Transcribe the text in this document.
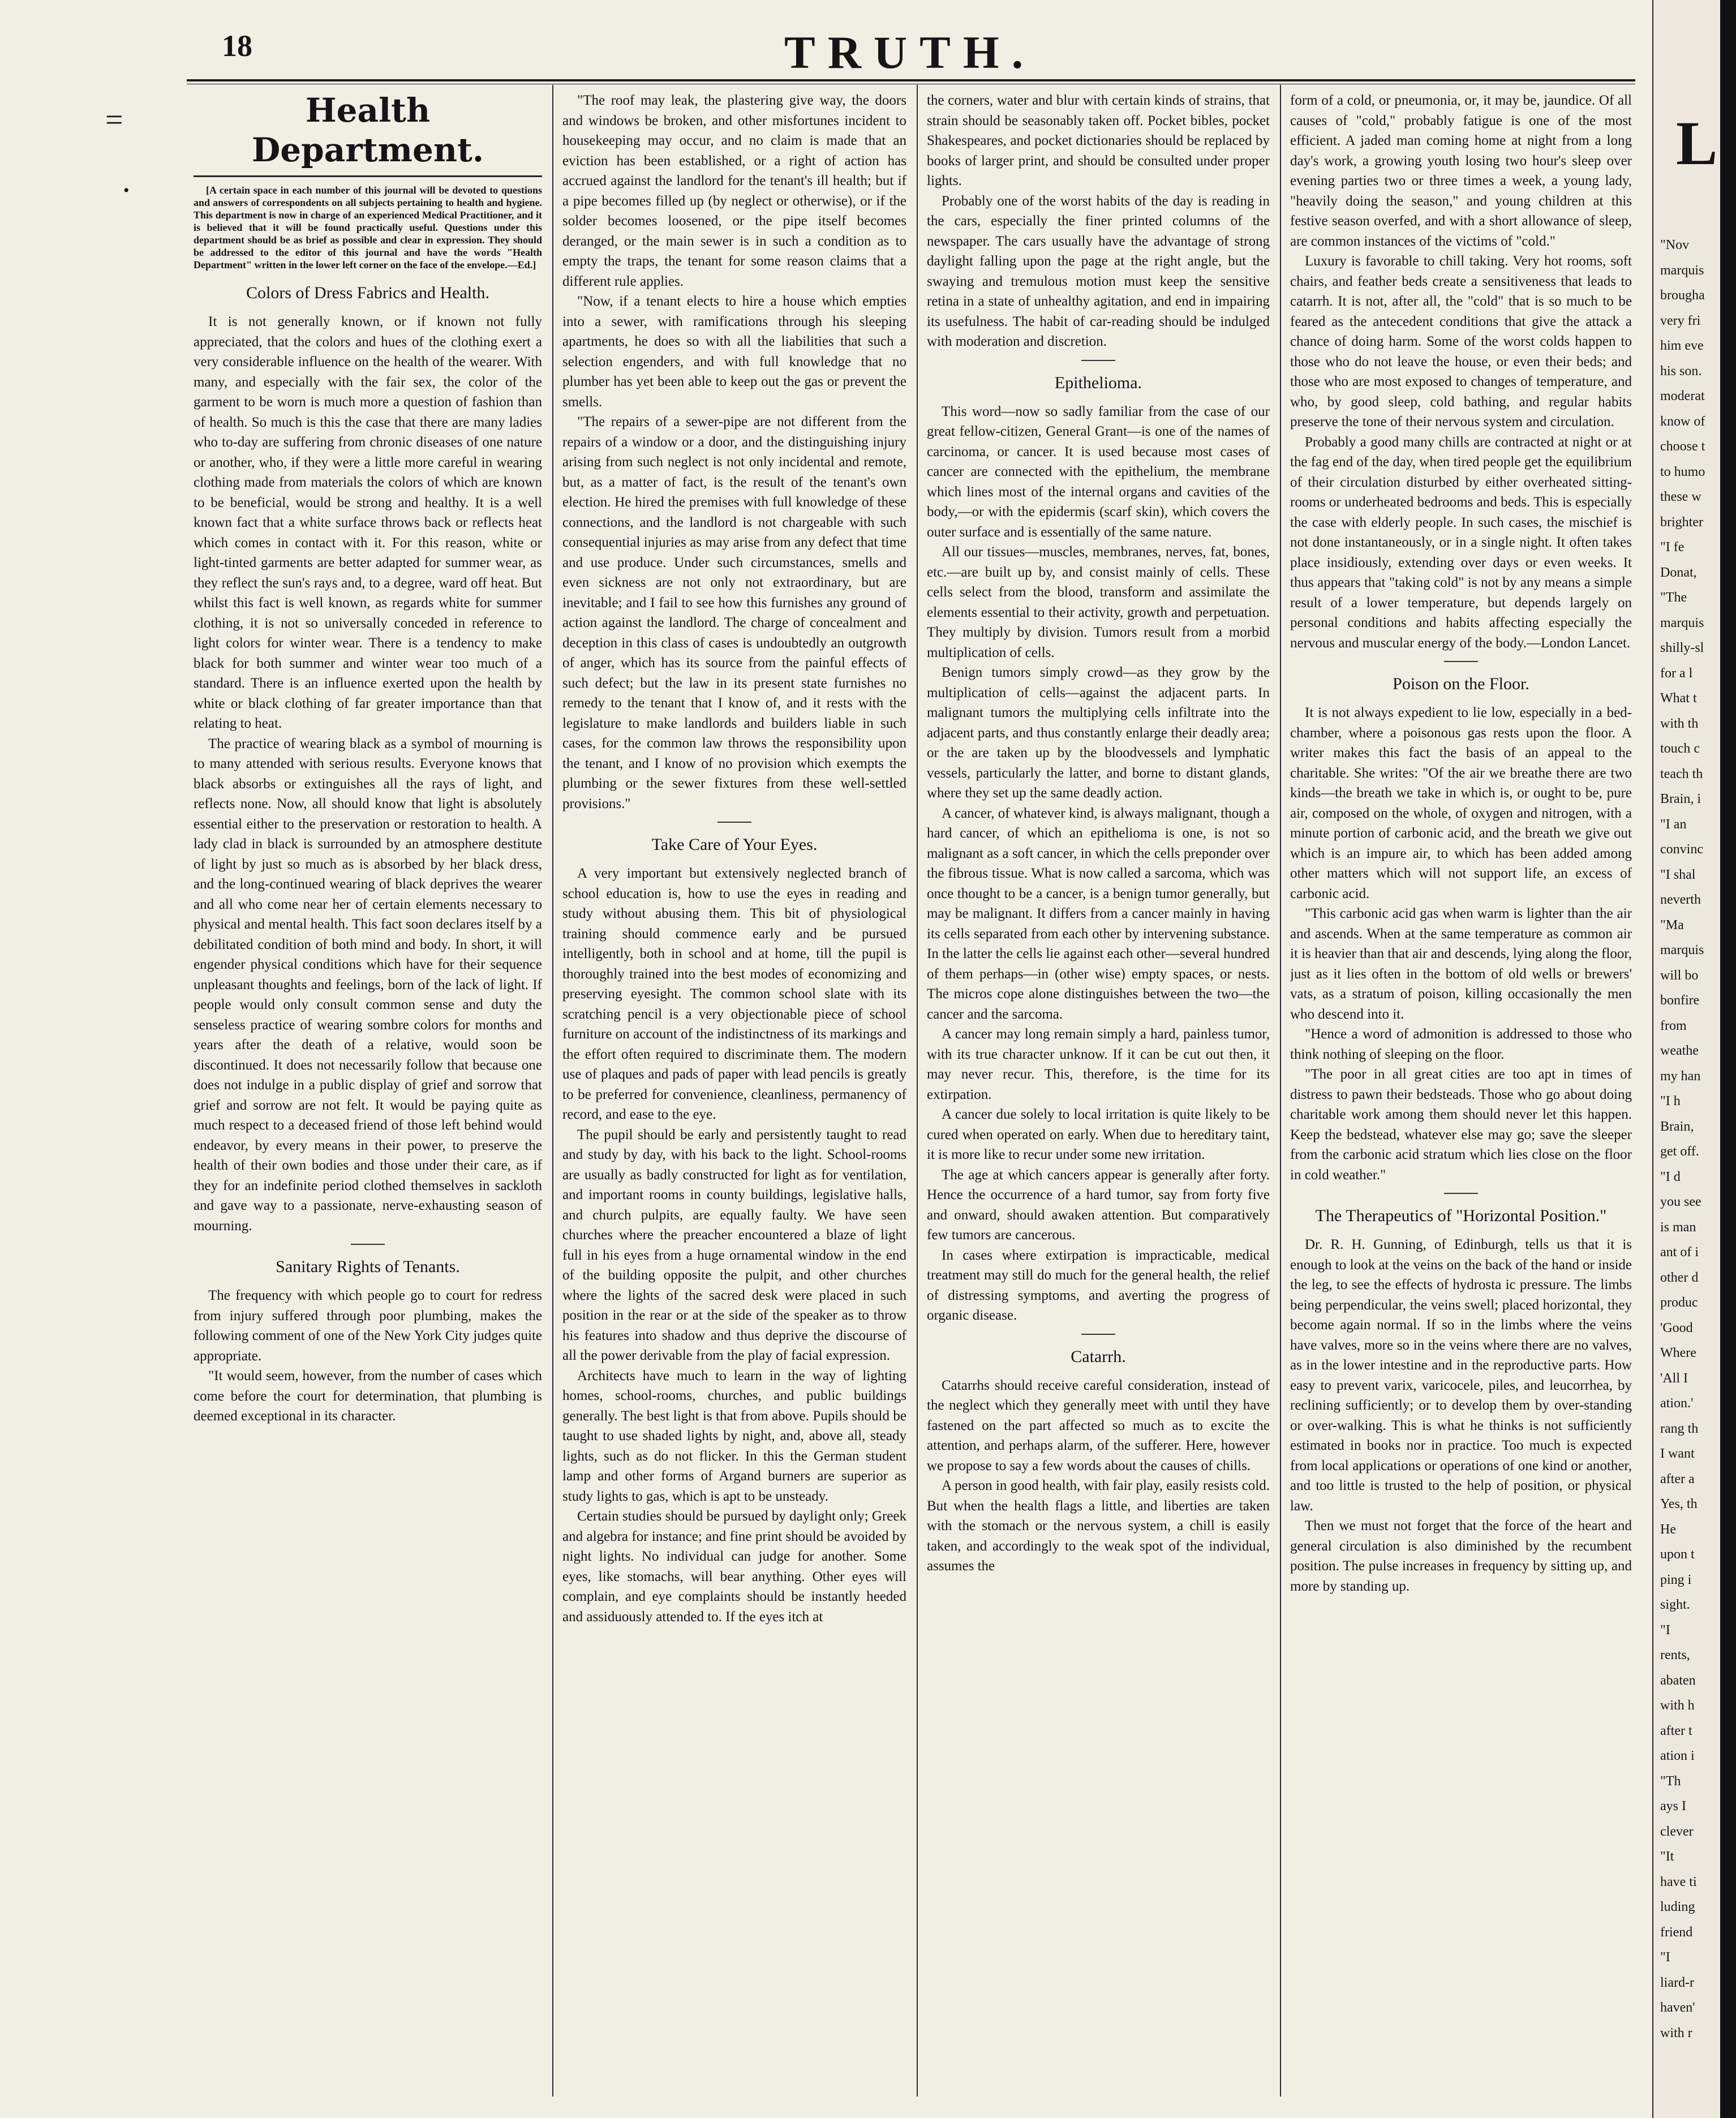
18	TRUTH.
=
•
Health Department.
[A certain space in each number of this journal will be devoted to questions and answers of correspondents on all subjects pertaining to health and hygiene. This department is now in charge of an experienced Medical Practitioner, and it is believed that it will be found practically useful. Questions under this department should be as brief as possible and clear in expression. They should be addressed to the editor of this journal and have the words "Health Department" written in the lower left corner on the face of the envelope.—Ed.]
Colors of Dress Fabrics and Health.

It is not generally known, or if known not fully appreciated, that the colors and hues of the clothing exert a very considerable influence on the health of the wearer. With many, and especially with the fair sex, the color of the garment to be worn is much more a question of fashion than of health. So much is this the case that there are many ladies who to-day are suffering from chronic diseases of one nature or another, who, if they were a little more careful in wearing clothing made from materials the colors of which are known to be beneficial, would be strong and healthy. It is a well known fact that a white surface throws back or reflects heat which comes in contact with it. For this reason, white or light-tinted garments are better adapted for summer wear, as they reflect the sun's rays and, to a degree, ward off heat. But whilst this fact is well known, as regards white for summer clothing, it is not so universally conceded in reference to light colors for winter wear. There is a tendency to make black for both summer and winter wear too much of a standard. There is an influence exerted upon the health by white or black clothing of far greater importance than that relating to heat.

The practice of wearing black as a symbol of mourning is to many attended with serious results. Everyone knows that black absorbs or extinguishes all the rays of light, and reflects none. Now, all should know that light is absolutely essential either to the preservation or restoration to health. A lady clad in black is surrounded by an atmosphere destitute of light by just so much as is absorbed by her black dress, and the long-continued wearing of black deprives the wearer and all who come near her of certain elements necessary to physical and mental health. This fact soon declares itself by a debilitated condition of both mind and body. In short, it will engender physical conditions which have for their sequence unpleasant thoughts and feelings, born of the lack of light. If people would only consult common sense and duty the senseless practice of wearing sombre colors for months and years after the death of a relative, would soon be discontinued. It does not necessarily follow that because one does not indulge in a public display of grief and sorrow that grief and sorrow are not felt. It would be paying quite as much respect to a deceased friend of those left behind would endeavor, by every means in their power, to preserve the health of their own bodies and those under their care, as if they for an indefinite period clothed themselves in sackloth and gave way to a passionate, nerve-exhausting season of mourning.

Sanitary Rights of Tenants.

The frequency with which people go to court for redress from injury suffered through poor plumbing, makes the following comment of one of the New York City judges quite appropriate.

"It would seem, however, from the number of cases which come before the court for determination, that plumbing is deemed exceptional in its character.

"The roof may leak, the plastering give way, the doors and windows be broken, and other misfortunes incident to housekeeping may occur, and no claim is made that an eviction has been established, or a right of action has accrued against the landlord for the tenant's ill health; but if a pipe becomes filled up (by neglect or otherwise), or if the solder becomes loosened, or the pipe itself becomes deranged, or the main sewer is in such a condition as to empty the traps, the tenant for some reason claims that a different rule applies.

"Now, if a tenant elects to hire a house which empties into a sewer, with ramifications through his sleeping apartments, he does so with all the liabilities that such a selection engenders, and with full knowledge that no plumber has yet been able to keep out the gas or prevent the smells.

"The repairs of a sewer-pipe are not different from the repairs of a window or a door, and the distinguishing injury arising from such neglect is not only incidental and remote, but, as a matter of fact, is the result of the tenant's own election. He hired the premises with full knowledge of these connections, and the landlord is not chargeable with such consequential injuries as may arise from any defect that time and use produce. Under such circumstances, smells and even sickness are not only not extraordinary, but are inevitable; and I fail to see how this furnishes any ground of action against the landlord. The charge of concealment and deception in this class of cases is undoubtedly an outgrowth of anger, which has its source from the painful effects of such defect; but the law in its present state furnishes no remedy to the tenant that I know of, and it rests with the legislature to make landlords and builders liable in such cases, for the common law throws the responsibility upon the tenant, and I know of no provision which exempts the plumbing or the sewer fixtures from these well-settled provisions."

Take Care of Your Eyes.

A very important but extensively neglected branch of school education is, how to use the eyes in reading and study without abusing them. This bit of physiological training should commence early and be pursued intelligently, both in school and at home, till the pupil is thoroughly trained into the best modes of economizing and preserving eyesight. The common school slate with its scratching pencil is a very objectionable piece of school furniture on account of the indistinctness of its markings and the effort often required to discriminate them. The modern use of plaques and pads of paper with lead pencils is greatly to be preferred for convenience, cleanliness, permanency of record, and ease to the eye.

The pupil should be early and persistently taught to read and study by day, with his back to the light. School-rooms are usually as badly constructed for light as for ventilation, and important rooms in county buildings, legislative halls, and church pulpits, are equally faulty. We have seen churches where the preacher encountered a blaze of light full in his eyes from a huge ornamental window in the end of the building opposite the pulpit, and other churches where the lights of the sacred desk were placed in such position in the rear or at the side of the speaker as to throw his features into shadow and thus deprive the discourse of all the power derivable from the play of facial expression.

Architects have much to learn in the way of lighting homes, school-rooms, churches, and public buildings generally. The best light is that from above. Pupils should be taught to use shaded lights by night, and, above all, steady lights, such as do not flicker. In this the German student lamp and other forms of Argand burners are superior as study lights to gas, which is apt to be unsteady.

Certain studies should be pursued by daylight only; Greek and algebra for instance; and fine print should be avoided by night lights. No individual can judge for another. Some eyes, like stomachs, will bear anything. Other eyes will complain, and eye complaints should be instantly heeded and assiduously attended to. If the eyes itch at

the corners, water and blur with certain kinds of strains, that strain should be seasonably taken off. Pocket bibles, pocket Shakespeares, and pocket dictionaries should be replaced by books of larger print, and should be consulted under proper lights.

Probably one of the worst habits of the day is reading in the cars, especially the finer printed columns of the newspaper. The cars usually have the advantage of strong daylight falling upon the page at the right angle, but the swaying and tremulous motion must keep the sensitive retina in a state of unhealthy agitation, and end in impairing its usefulness. The habit of car-reading should be indulged with moderation and discretion.

Epithelioma.

This word—now so sadly familiar from the case of our great fellow-citizen, General Grant—is one of the names of carcinoma, or cancer. It is used because most cases of cancer are connected with the epithelium, the membrane which lines most of the internal organs and cavities of the body,—or with the epidermis (scarf skin), which covers the outer surface and is essentially of the same nature.

All our tissues—muscles, membranes, nerves, fat, bones, etc.—are built up by, and consist mainly of cells. These cells select from the blood, transform and assimilate the elements essential to their activity, growth and perpetuation. They multiply by division. Tumors result from a morbid multiplication of cells.

Benign tumors simply crowd—as they grow by the multiplication of cells—against the adjacent parts. In malignant tumors the multiplying cells infiltrate into the adjacent parts, and thus constantly enlarge their deadly area; or the are taken up by the bloodvessels and lymphatic vessels, particularly the latter, and borne to distant glands, where they set up the same deadly action.

A cancer, of whatever kind, is always malignant, though a hard cancer, of which an epithelioma is one, is not so malignant as a soft cancer, in which the cells preponder over the fibrous tissue. What is now called a sarcoma, which was once thought to be a cancer, is a benign tumor generally, but may be malignant. It differs from a cancer mainly in having its cells separated from each other by intervening substance. In the latter the cells lie against each other—several hundred of them perhaps—in (other wise) empty spaces, or nests. The micros cope alone distinguishes between the two—the cancer and the sarcoma.

A cancer may long remain simply a hard, painless tumor, with its true character unknow. If it can be cut out then, it may never recur. This, therefore, is the time for its extirpation.

A cancer due solely to local irritation is quite likely to be cured when operated on early. When due to hereditary taint, it is more like to recur under some new irritation.

The age at which cancers appear is generally after forty. Hence the occurrence of a hard tumor, say from forty five and onward, should awaken attention. But comparatively few tumors are cancerous.

In cases where extirpation is impracticable, medical treatment may still do much for the general health, the relief of distressing symptoms, and averting the progress of organic disease.

Catarrh.

Catarrhs should receive careful consideration, instead of the neglect which they generally meet with until they have fastened on the part affected so much as to excite the attention, and perhaps alarm, of the sufferer. Here, however we propose to say a few words about the causes of chills.

A person in good health, with fair play, easily resists cold. But when the health flags a little, and liberties are taken with the stomach or the nervous system, a chill is easily taken, and accordingly to the weak spot of the individual, assumes the

form of a cold, or pneumonia, or, it may be, jaundice. Of all causes of "cold," probably fatigue is one of the most efficient. A jaded man coming home at night from a long day's work, a growing youth losing two hour's sleep over evening parties two or three times a week, a young lady, "heavily doing the season," and young children at this festive season overfed, and with a short allowance of sleep, are common instances of the victims of "cold."

Luxury is favorable to chill taking. Very hot rooms, soft chairs, and feather beds create a sensitiveness that leads to catarrh. It is not, after all, the "cold" that is so much to be feared as the antecedent conditions that give the attack a chance of doing harm. Some of the worst colds happen to those who do not leave the house, or even their beds; and those who are most exposed to changes of temperature, and who, by good sleep, cold bathing, and regular habits preserve the tone of their nervous system and circulation.

Probably a good many chills are contracted at night or at the fag end of the day, when tired people get the equilibrium of their circulation disturbed by either overheated sitting-rooms or underheated bedrooms and beds. This is especially the case with elderly people. In such cases, the mischief is not done instantaneously, or in a single night. It often takes place insidiously, extending over days or even weeks. It thus appears that "taking cold" is not by any means a simple result of a lower temperature, but depends largely on personal conditions and habits affecting especially the nervous and muscular energy of the body.—London Lancet.

Poison on the Floor.

It is not always expedient to lie low, especially in a bed-chamber, where a poisonous gas rests upon the floor. A writer makes this fact the basis of an appeal to the charitable. She writes: "Of the air we breathe there are two kinds—the breath we take in which is, or ought to be, pure air, composed on the whole, of oxygen and nitrogen, with a minute portion of carbonic acid, and the breath we give out which is an impure air, to which has been added among other matters which will not support life, an excess of carbonic acid.

"This carbonic acid gas when warm is lighter than the air and ascends. When at the same temperature as common air it is heavier than that air and descends, lying along the floor, just as it lies often in the bottom of old wells or brewers' vats, as a stratum of poison, killing occasionally the men who descend into it.

"Hence a word of admonition is addressed to those who think nothing of sleeping on the floor.

"The poor in all great cities are too apt in times of distress to pawn their bedsteads. Those who go about doing charitable work among them should never let this happen. Keep the bedstead, whatever else may go; save the sleeper from the carbonic acid stratum which lies close on the floor in cold weather."

The Therapeutics of "Horizontal Position."

Dr. R. H. Gunning, of Edinburgh, tells us that it is enough to look at the veins on the back of the hand or inside the leg, to see the effects of hydrosta ic pressure. The limbs being perpendicular, the veins swell; placed horizontal, they become again normal. If so in the limbs where the veins have valves, more so in the veins where there are no valves, as in the lower intestine and in the reproductive parts. How easy to prevent varix, varicocele, piles, and leucorrhea, by reclining sufficiently; or to develop them by over-standing or over-walking. This is what he thinks is not sufficiently estimated in books nor in practice. Too much is expected from local applications or operations of one kind or another, and too little is trusted to the help of position, or physical law.

Then we must not forget that the force of the heart and general circulation is also diminished by the recumbent position. The pulse increases in frequency by sitting up, and more by standing up.

L
"Nov
marquis
brougha
very fri
him eve
his son.
moderat
know of
choose t
to humo
these w
brighter
"I fe
Donat,
"The
marquis
shilly-sl
for a l
What t
with th
touch c
teach th
Brain, i
"I an
convinc
"I shal
neverth
"Ma
marquis
will bo
bonfire
from
weathe
my han
"I h
Brain,
get off.
"I d
you see
is man
ant of i
other d
produc
'Good
Where
'All I
ation.'
rang th
I want
after a
Yes, th
He
upon t
ping i
sight.
"I
rents,
abaten
with h
after t
ation i
"Th
ays I
clever
"It
have ti
luding
friend
"I
liard-r
haven'
with r
